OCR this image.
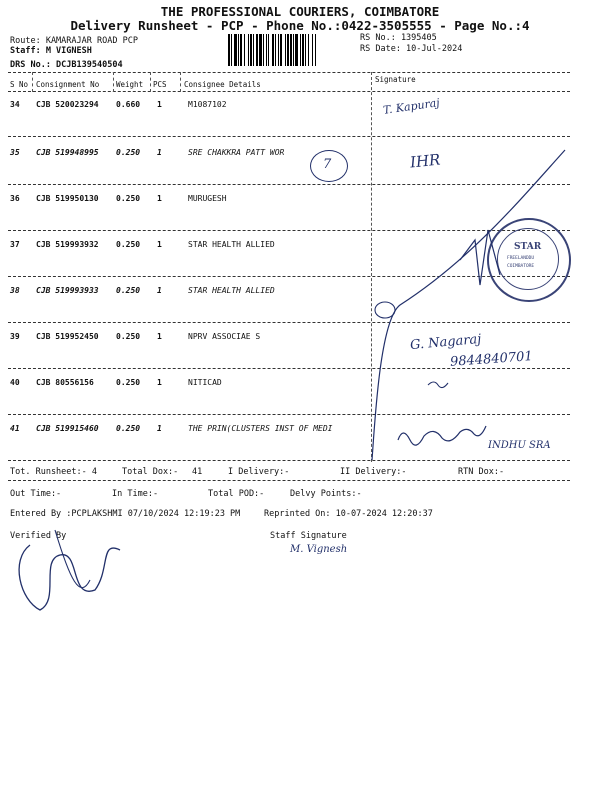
THE PROFESSIONAL COURIERS, COIMBATORE
Delivery Runsheet - PCP - Phone No.:0422-3505555 - Page No.:4
Route: KAMARAJAR ROAD PCP
Staff: M VIGNESH
DRS No.: DCJB139540504
RS No.: 1395405
RS Date: 10-Jul-2024
S No Consignment No Weight PCS Consignee Details
Signature
34 CJB 520023294 0.660 1	M1087102
35 CJB 519948995 0.250 1	SRE CHAKKRA PATT WOR
36 CJB 519950130 0.250 1	MURUGESH
37 CJB 519993932 0.250 1	STAR HEALTH ALLIED
38 CJB 519993933 0.250 1	STAR HEALTH ALLIED
39 CJB 519952450 0.250 1	NPRV ASSOCIAE S
40 CJB 80556156	0.250 1	NITICAD
41 CJB 519915460 0.250 1	THE PRIN(CLUSTERS INST OF MEDI
Tot. Runsheet:- 4	Total Dox:- 41	I Delivery:-	II Delivery:-	RTN Dox:-
Out Time:-	In Time:-	Total POD:-	Delvy Points:-
Entered By :PCPLAKSHMI 07/10/2024 12:19:23 PM	Reprinted On: 10-07-2024 12:20:37
Verified By	Staff Signature
T. Kapuraj
IHR
7
STAR
FREELANDDU
COIMBATORE
G. Nagaraj
9844840701
INDHU SRA
M. Vignesh
